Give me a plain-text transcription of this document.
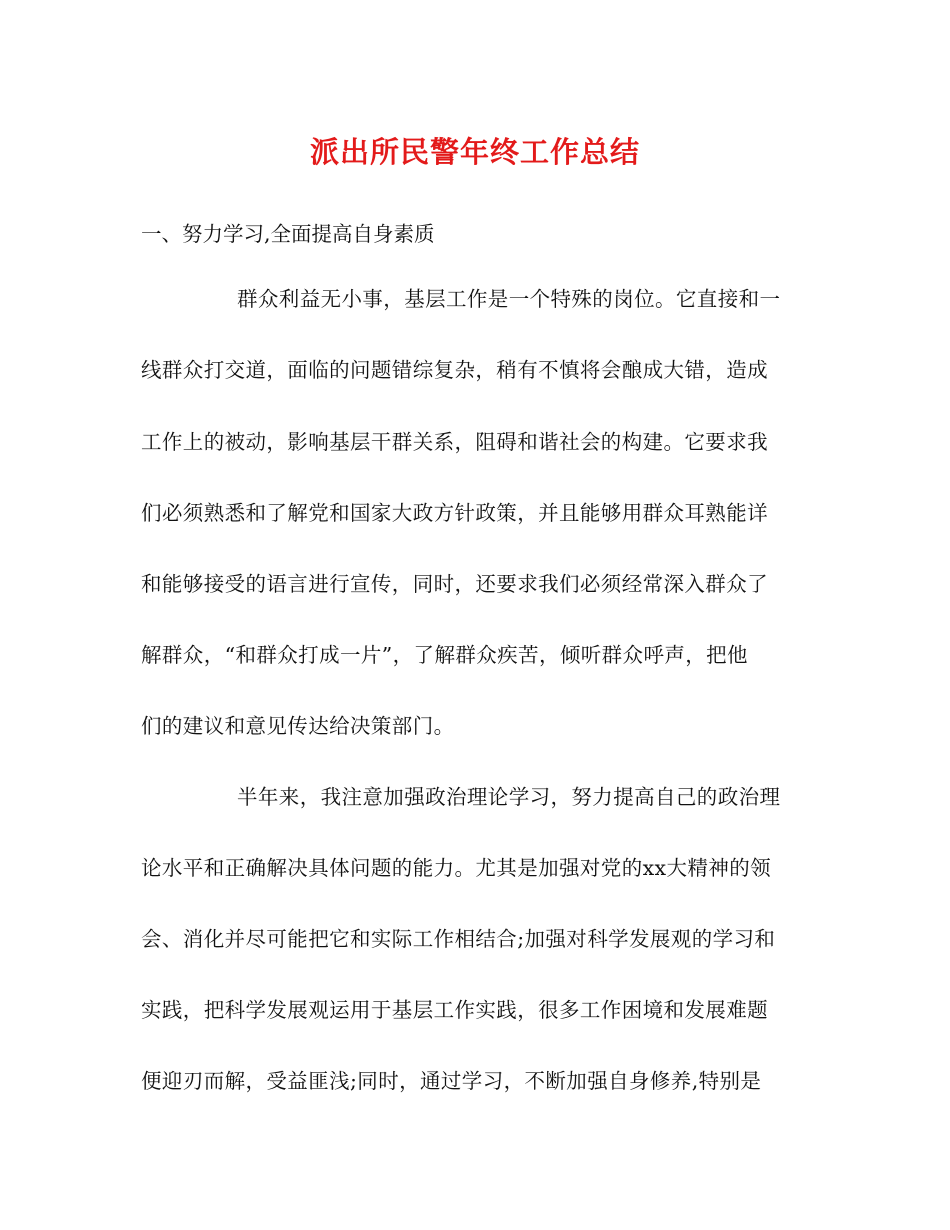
派出所民警年终工作总结
一、努力学习,全面提高自身素质
群众利益无小事，基层工作是一个特殊的岗位。它直接和一
线群众打交道，面临的问题错综复杂，稍有不慎将会酿成大错，造成
工作上的被动，影响基层干群关系，阻碍和谐社会的构建。它要求我
们必须熟悉和了解党和国家大政方针政策，并且能够用群众耳熟能详
和能够接受的语言进行宣传，同时，还要求我们必须经常深入群众了
解群众，“和群众打成一片”，了解群众疾苦，倾听群众呼声，把他
们的建议和意见传达给决策部门。
半年来，我注意加强政治理论学习，努力提高自己的政治理
论水平和正确解决具体问题的能力。尤其是加强对党的xx大精神的领
会、消化并尽可能把它和实际工作相结合;加强对科学发展观的学习和
实践，把科学发展观运用于基层工作实践，很多工作困境和发展难题
便迎刃而解，受益匪浅;同时，通过学习，不断加强自身修养,特别是
